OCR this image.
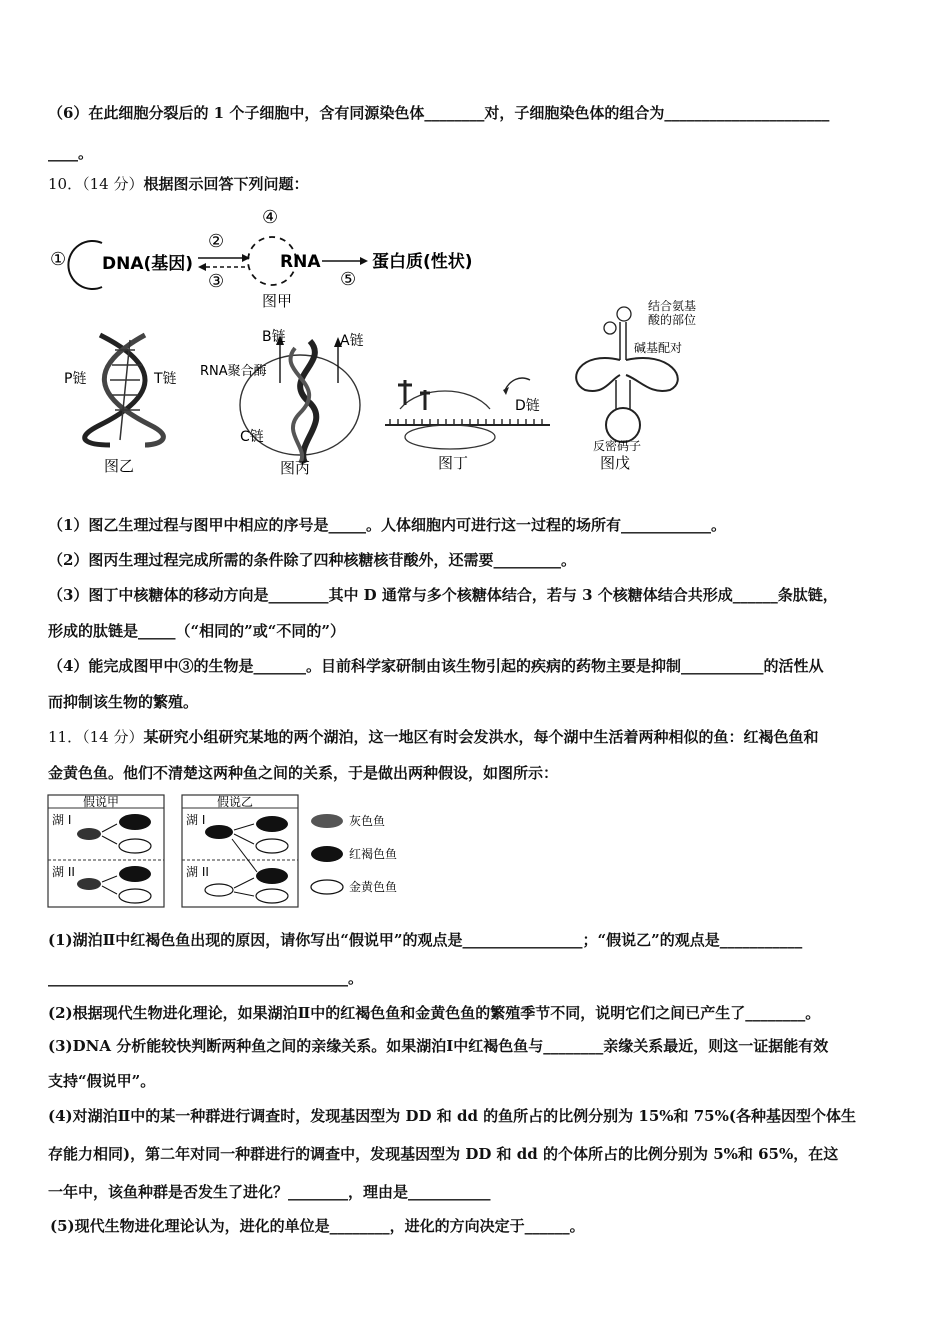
（6）在此细胞分裂后的 1 个子细胞中，含有同源染色体________对，子细胞染色体的组合为______________________
____。
10．（14 分）根据图示回答下列问题：
① DNA(基因)
②
③
④
RNA
⑤
蛋白质(性状)
图甲
P链	T链
图乙
B链	A链
RNA聚合酶
C链
图丙
D链
图丁
结合氨基
酸的部位
碱基配对
反密码子
图戊
（1）图乙生理过程与图甲中相应的序号是_____。人体细胞内可进行这一过程的场所有____________。
（2）图丙生理过程完成所需的条件除了四种核糖核苷酸外，还需要_________。
（3）图丁中核糖体的移动方向是________其中 D 通常与多个核糖体结合，若与 3 个核糖体结合共形成______条肽链，
形成的肽链是_____（“相同的”或“不同的”）
（4）能完成图甲中③的生物是_______。目前科学家研制由该生物引起的疾病的药物主要是抑制___________的活性从
而抑制该生物的繁殖。
11．（14 分）某研究小组研究某地的两个湖泊，这一地区有时会发洪水，每个湖中生活着两种相似的鱼：红褐色鱼和
金黄色鱼。他们不清楚这两种鱼之间的关系，于是做出两种假设，如图所示：
假说甲
湖 I
湖 II
假说乙
湖 I
湖 II
灰色鱼
红褐色鱼
金黄色鱼
(1)湖泊Ⅱ中红褐色鱼出现的原因，请你写出“假说甲”的观点是________________；“假说乙”的观点是___________
________________________________________。
(2)根据现代生物进化理论，如果湖泊Ⅱ中的红褐色鱼和金黄色鱼的繁殖季节不同，说明它们之间已产生了________。
(3)DNA 分析能较快判断两种鱼之间的亲缘关系。如果湖泊Ⅰ中红褐色鱼与________亲缘关系最近，则这一证据能有效
支持“假说甲”。
(4)对湖泊Ⅱ中的某一种群进行调查时，发现基因型为 DD 和 dd 的鱼所占的比例分别为 15%和 75%(各种基因型个体生
存能力相同)，第二年对同一种群进行的调查中，发现基因型为 DD 和 dd 的个体所占的比例分别为 5%和 65%，在这
一年中，该鱼种群是否发生了进化？________，理由是___________
(5)现代生物进化理论认为，进化的单位是________，进化的方向决定于______。
